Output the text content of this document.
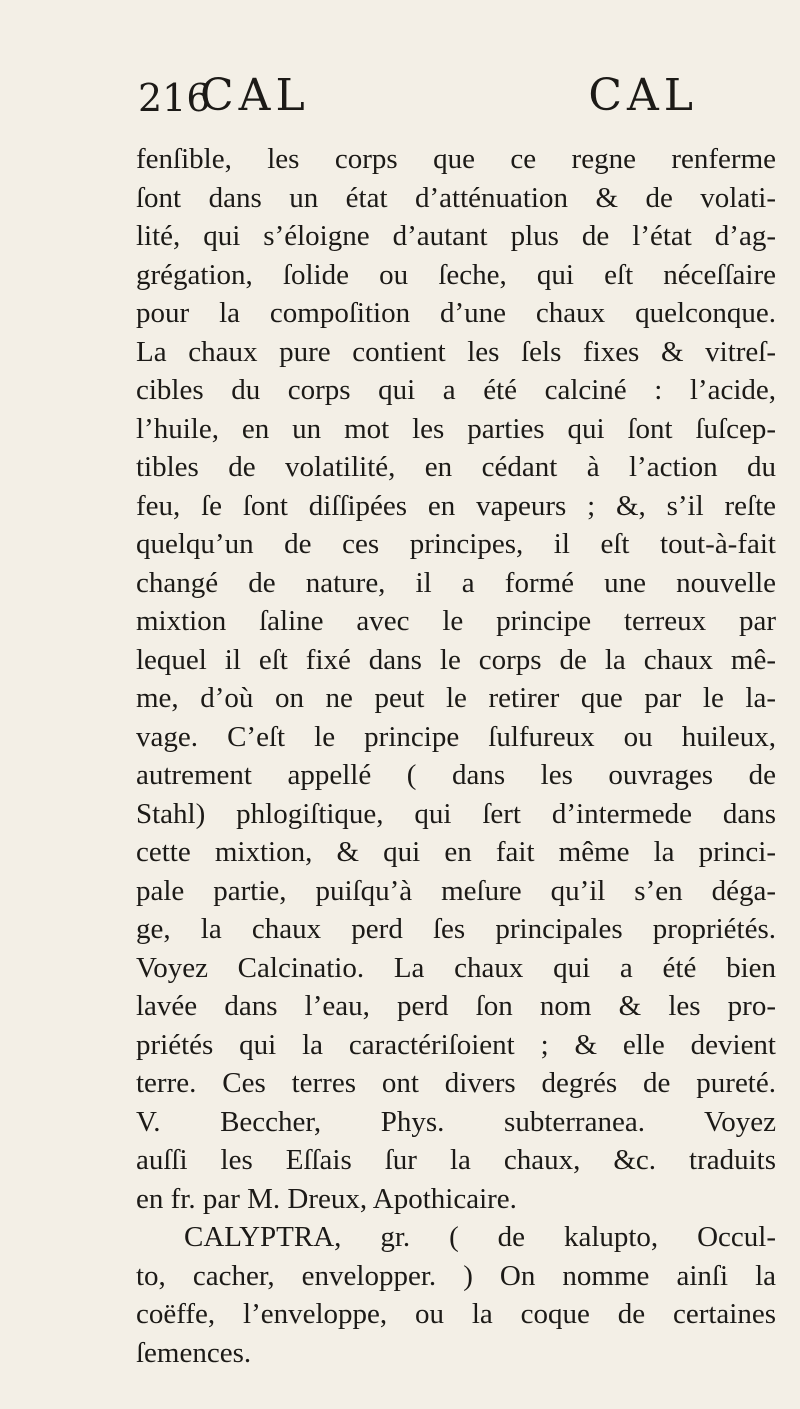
216
CAL	CAL
fenſible, les corps que ce regne renferme
ſont dans un état d’atténuation & de volati-
lité, qui s’éloigne d’autant plus de l’état d’ag-
grégation, ſolide ou ſeche, qui eſt néceſſaire
pour la compoſition d’une chaux quelconque.
La chaux pure contient les ſels fixes & vitreſ-
cibles du corps qui a été calciné : l’acide,
l’huile, en un mot les parties qui ſont ſuſcep-
tibles de volatilité, en cédant à l’action du
feu, ſe ſont diſſipées en vapeurs ; &, s’il reſte
quelqu’un de ces principes, il eſt tout-à-fait
changé de nature, il a formé une nouvelle
mixtion ſaline avec le principe terreux par
lequel il eſt fixé dans le corps de la chaux mê-
me, d’où on ne peut le retirer que par le la-
vage. C’eſt le principe ſulfureux ou huileux,
autrement appellé ( dans les ouvrages de
Stahl) phlogiſtique, qui ſert d’intermede dans
cette mixtion, & qui en fait même la princi-
pale partie, puiſqu’à meſure qu’il s’en déga-
ge, la chaux perd ſes principales propriétés.
Voyez Calcinatio. La chaux qui a été bien
lavée dans l’eau, perd ſon nom & les pro-
priétés qui la caractériſoient ; & elle devient
terre. Ces terres ont divers degrés de pureté.
V. Beccher, Phys. subterranea. Voyez
auſſi les Eſſais ſur la chaux, &c. traduits
en fr. par M. Dreux, Apothicaire.
CALYPTRA, gr. ( de kalupto, Occul-
to, cacher, envelopper. ) On nomme ainſi la
coëffe, l’enveloppe, ou la coque de certaines
ſemences.
